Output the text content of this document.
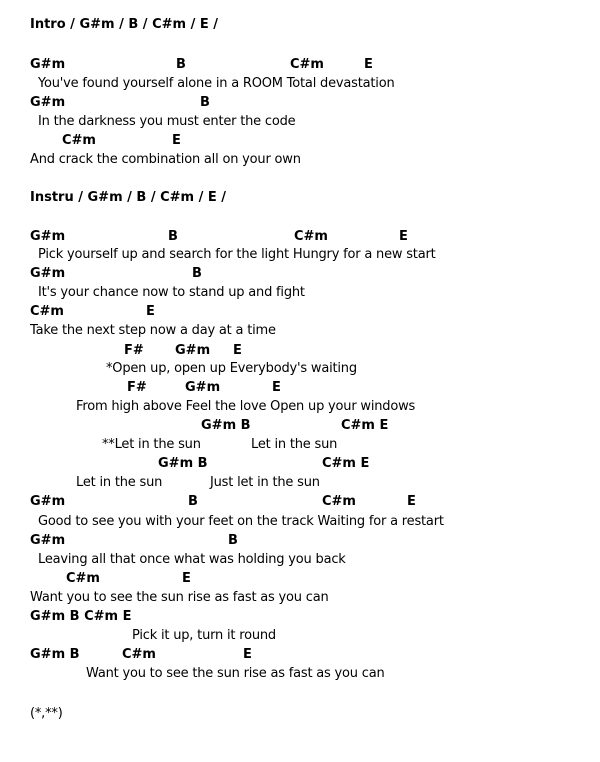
Intro / G#m / B / C#m / E /
G#m	B	C#m	E
You've found yourself alone in a ROOM Total devastation
G#m	B
In the darkness you must enter the code
C#m	E
And crack the combination all on your own
Instru / G#m / B / C#m / E /
G#m	B	C#m	E
Pick yourself up and search for the light Hungry for a new start
G#m	B
It's your chance now to stand up and fight
C#m	E
Take the next step now a day at a time
F# G#m E
*Open up, open up Everybody's waiting
F#	G#m	E
From high above Feel the love Open up your windows
G#m B	C#m E
**Let in the sun	Let in the sun
G#m B	C#m E
Let in the sun	Just let in the sun
G#m	B	C#m	E
Good to see you with your feet on the track Waiting for a restart
G#m	B
Leaving all that once what was holding you back
C#m	E
Want you to see the sun rise as fast as you can
G#m B C#m E
Pick it up, turn it round
G#m B	C#m	E
Want you to see the sun rise as fast as you can
(*,**)
